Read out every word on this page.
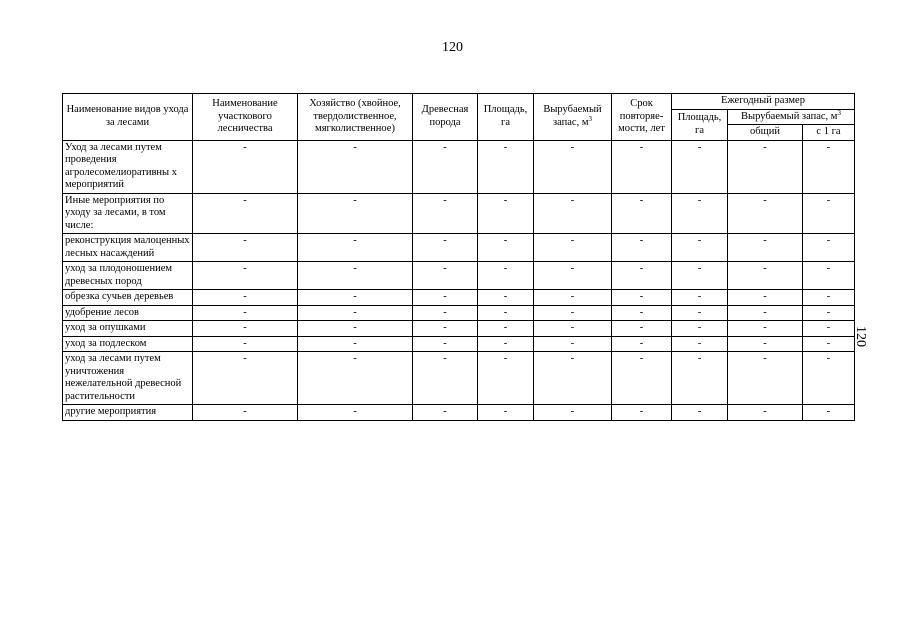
120
120
Наименование видов ухода за лесами	Наименование участкового лесничества	Хозяйство (хвойное, твердолиственное, мягколиственное)	Древесная порода	Площадь, га	Вырубаемый запас, $м^3$	Срок повторяе-мости, лет	Ежегодный размер		
							Площадь, га	Вырубаемый запас, $м^3$
								общий	с 1 га
Уход за лесами путем проведения агролесомелиоративны х мероприятий	-	-	-	-	-	-	-	-	-
Иные мероприятия по уходу за лесами, в том числе:	-	-	-	-	-	-	-	-	-
реконструкция малоценных лесных насаждений	-	-	-	-	-	-	-	-	-
уход за плодоношением древесных пород	-	-	-	-	-	-	-	-	-
обрезка сучьев деревьев	-	-	-	-	-	-	-	-	-
удобрение лесов	-	-	-	-	-	-	-	-	-
уход за опушками	-	-	-	-	-	-	-	-	-
уход за подлеском	-	-	-	-	-	-	-	-	-
уход за лесами путем уничтожения нежелательной древесной растительности	-	-	-	-	-	-	-	-	-
другие мероприятия	-	-	-	-	-	-	-	-	-
